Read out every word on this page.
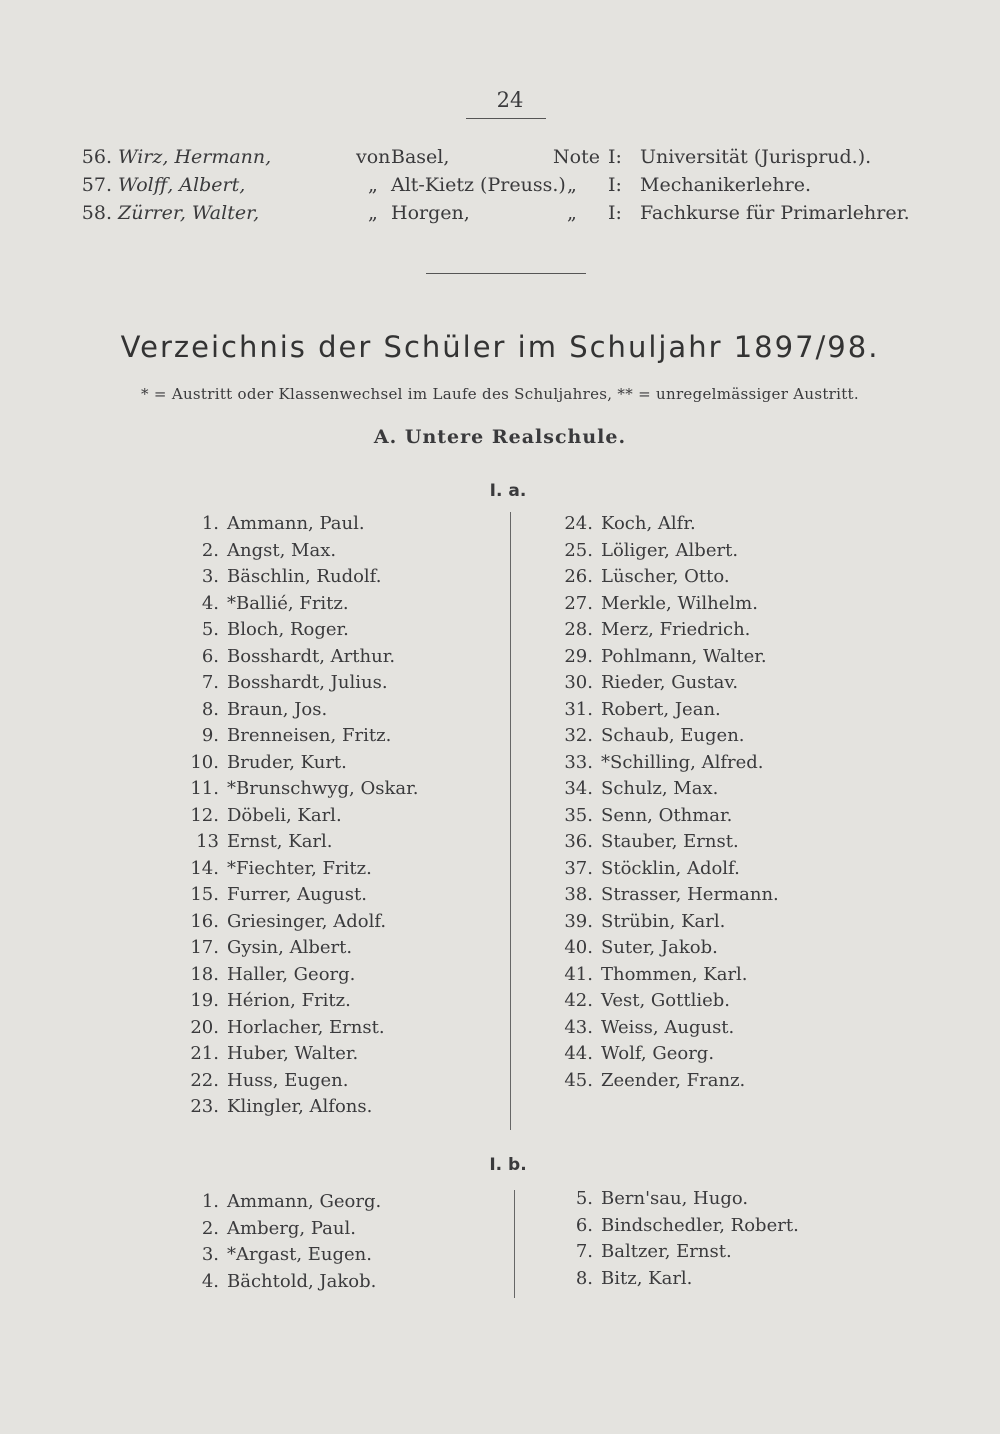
24
56. Wirz, Hermann,	von Basel,	Note I: Universität (Jurisprud.).
57. Wolff, Albert,	„ Alt-Kietz (Preuss.) „ I: Mechanikerlehre.
58. Zürrer, Walter,	„ Horgen,	„ I: Fachkurse für Primarlehrer.
Verzeichnis der Schüler im Schuljahr 1897/98.
* = Austritt oder Klassenwechsel im Laufe des Schuljahres, ** = unregelmässiger Austritt.
A. Untere Realschule.
I. a.
1. Ammann, Paul.
2. Angst, Max.
3. Bäschlin, Rudolf.
4. *Ballié, Fritz.
5. Bloch, Roger.
6. Bosshardt, Arthur.
7. Bosshardt, Julius.
8. Braun, Jos.
9. Brenneisen, Fritz.
10. Bruder, Kurt.
11. *Brunschwyg, Oskar.
12. Döbeli, Karl.
13 Ernst, Karl.
14. *Fiechter, Fritz.
15. Furrer, August.
16. Griesinger, Adolf.
17. Gysin, Albert.
18. Haller, Georg.
19. Hérion, Fritz.
20. Horlacher, Ernst.
21. Huber, Walter.
22. Huss, Eugen.
23. Klingler, Alfons.
24. Koch, Alfr.
25. Löliger, Albert.
26. Lüscher, Otto.
27. Merkle, Wilhelm.
28. Merz, Friedrich.
29. Pohlmann, Walter.
30. Rieder, Gustav.
31. Robert, Jean.
32. Schaub, Eugen.
33. *Schilling, Alfred.
34. Schulz, Max.
35. Senn, Othmar.
36. Stauber, Ernst.
37. Stöcklin, Adolf.
38. Strasser, Hermann.
39. Strübin, Karl.
40. Suter, Jakob.
41. Thommen, Karl.
42. Vest, Gottlieb.
43. Weiss, August.
44. Wolf, Georg.
45. Zeender, Franz.
I. b.
1. Ammann, Georg.
2. Amberg, Paul.
3. *Argast, Eugen.
4. Bächtold, Jakob.
5. Bern'sau, Hugo.
6. Bindschedler, Robert.
7. Baltzer, Ernst.
8. Bitz, Karl.
